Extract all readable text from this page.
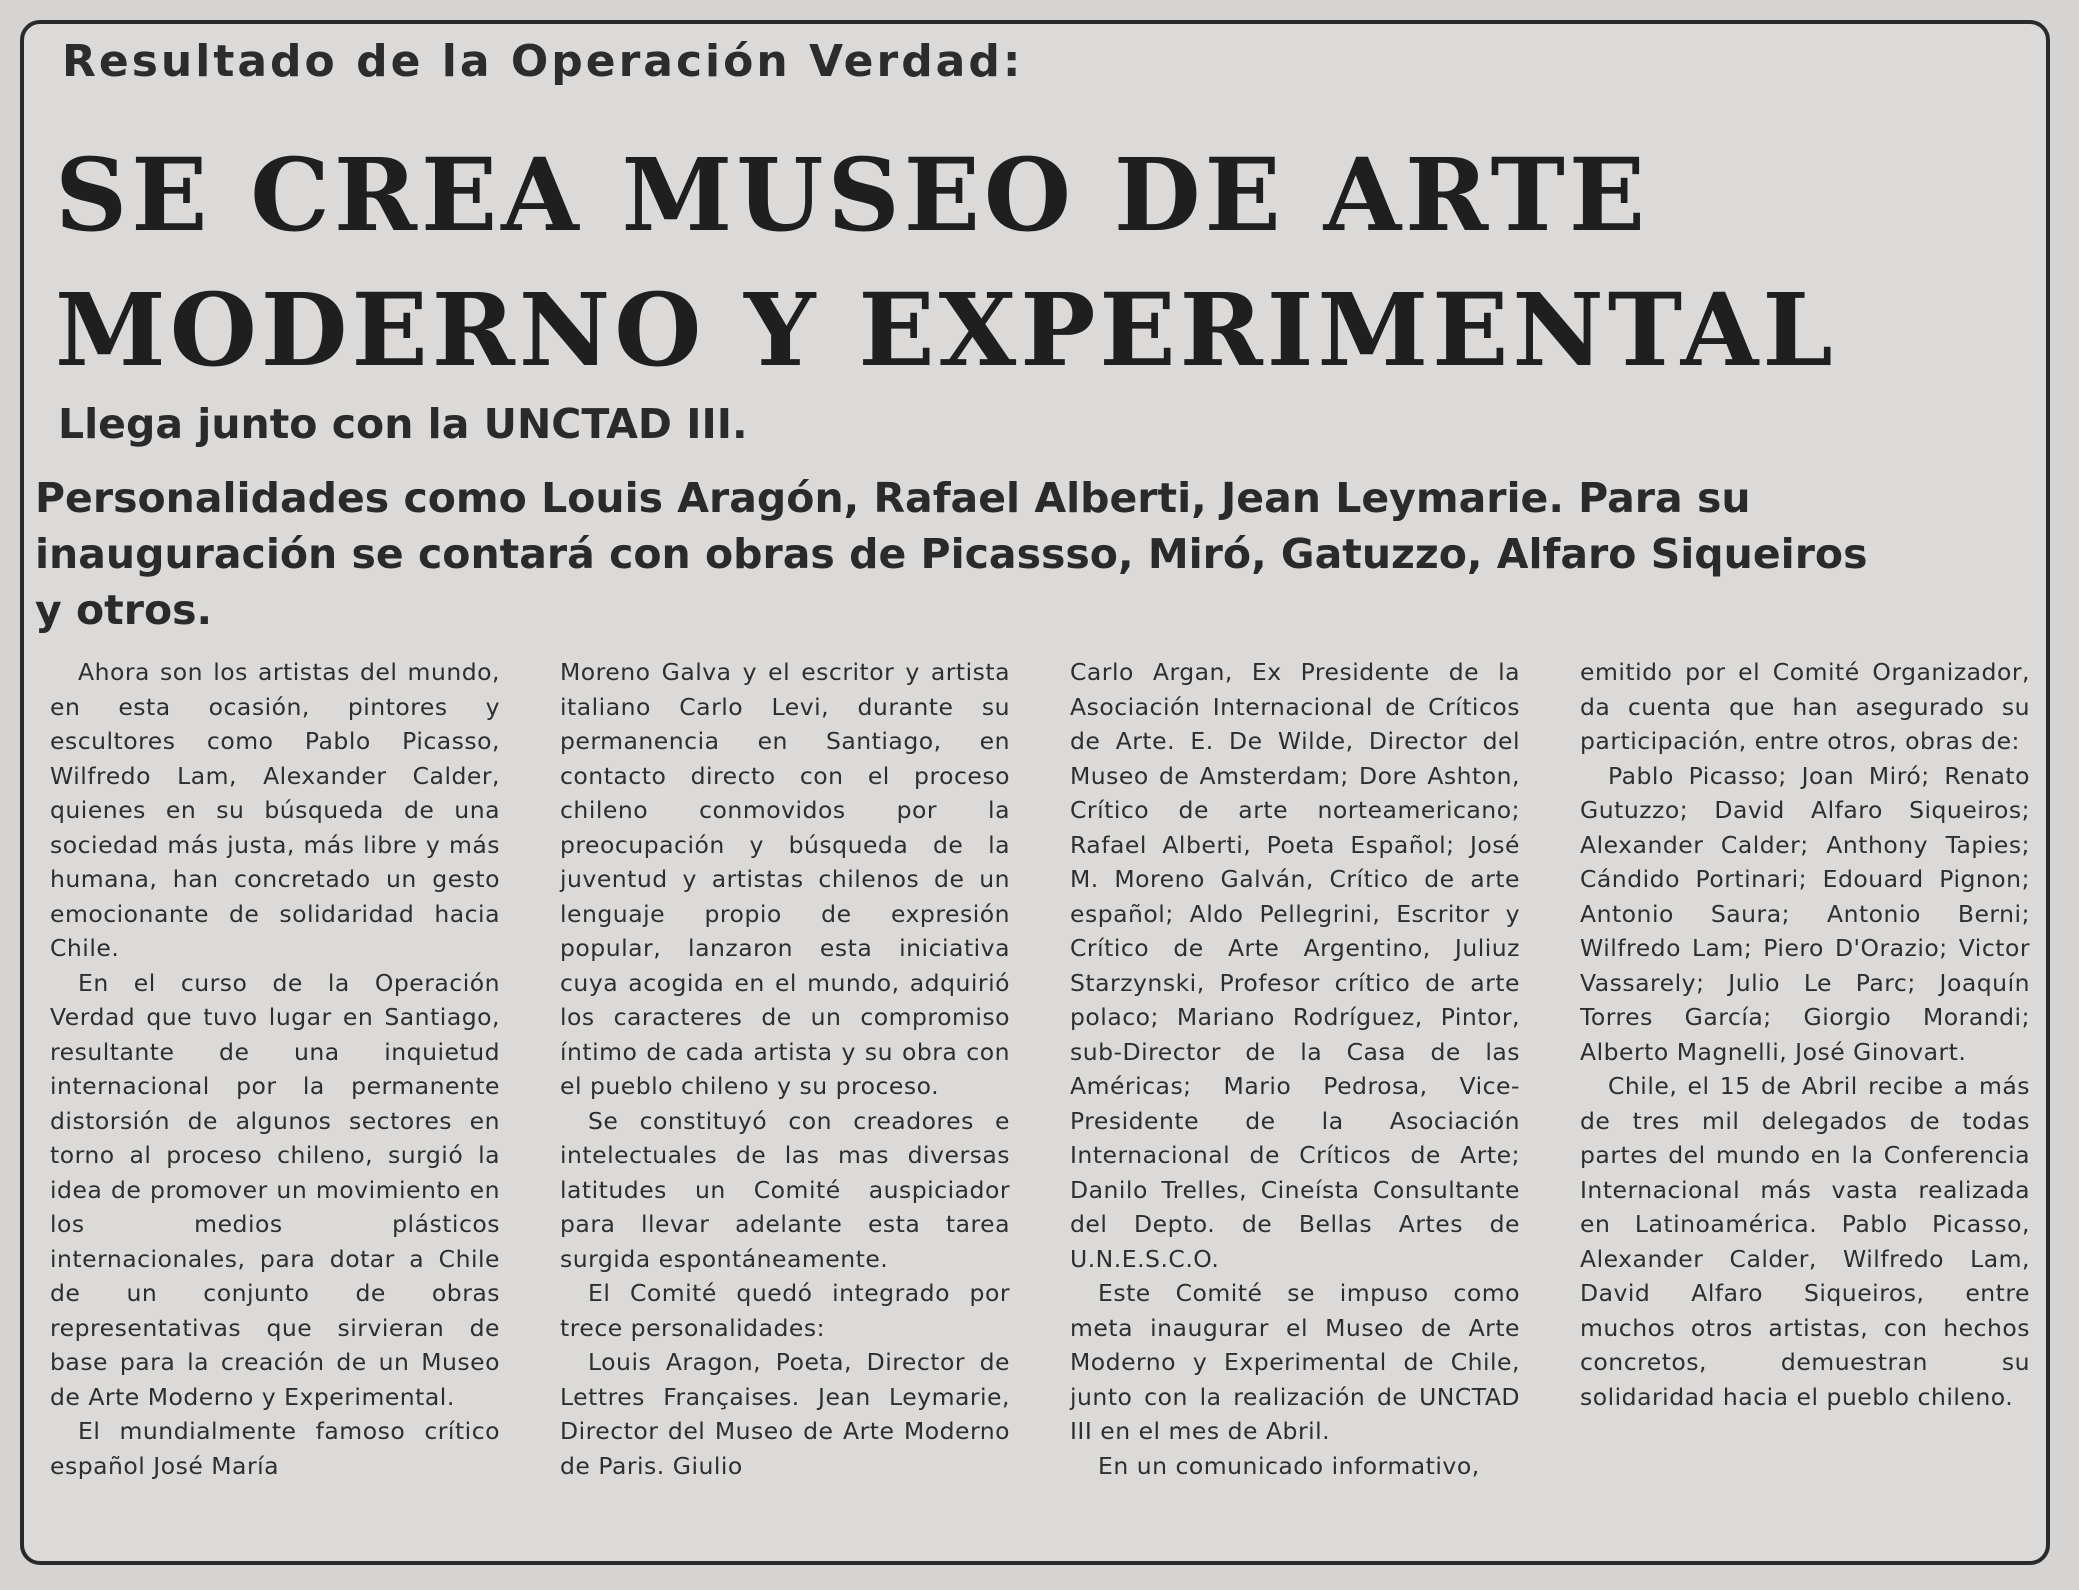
Resultado de la Operación Verdad:
SE CREA MUSEO DE ARTE
MODERNO Y EXPERIMENTAL
Llega junto con la UNCTAD III.
Personalidades como Louis Aragón, Rafael Alberti, Jean Leymarie. Para su
inauguración se contará con obras de Picassso, Miró, Gatuzzo, Alfaro Siqueiros
y otros.

Ahora son los artistas del mundo, en esta ocasión, pintores y escultores como Pablo Picasso, Wilfredo Lam, Alexander Calder, quienes en su búsqueda de una sociedad más justa, más libre y más humana, han concretado un gesto emocionante de solidaridad hacia Chile.

En el curso de la Operación Verdad que tuvo lugar en Santiago, resultante de una inquietud internacional por la permanente distorsión de algunos sectores en torno al proceso chileno, surgió la idea de promover un movimiento en los medios plásticos internacionales, para dotar a Chile de un conjunto de obras representativas que sirvieran de base para la creación de un Museo de Arte Moderno y Experimental.

El mundialmente famoso crítico español José María

Moreno Galva y el escritor y artista italiano Carlo Levi, durante su permanencia en Santiago, en contacto directo con el proceso chileno conmovidos por la preocupación y búsqueda de la juventud y artistas chilenos de un lenguaje propio de expresión popular, lanzaron esta iniciativa cuya acogida en el mundo, adquirió los caracteres de un compromiso íntimo de cada artista y su obra con el pueblo chileno y su proceso.

Se constituyó con creadores e intelectuales de las mas diversas latitudes un Comité auspiciador para llevar adelante esta tarea surgida espontáneamente.

El Comité quedó integrado por trece personalidades:

Louis Aragon, Poeta, Director de Lettres Françaises. Jean Leymarie, Director del Museo de Arte Moderno de Paris. Giulio

Carlo Argan, Ex Presidente de la Asociación Internacional de Críticos de Arte. E. De Wilde, Director del Museo de Amsterdam; Dore Ashton, Crítico de arte norteamericano; Rafael Alberti, Poeta Español; José M. Moreno Galván, Crítico de arte español; Aldo Pellegrini, Escritor y Crítico de Arte Argentino, Juliuz Starzynski, Profesor crítico de arte polaco; Mariano Rodríguez, Pintor, sub-Director de la Casa de las Américas; Mario Pedrosa, Vice-Presidente de la Asociación Internacional de Críticos de Arte; Danilo Trelles, Cineísta Consultante del Depto. de Bellas Artes de U.N.E.S.C.O.

Este Comité se impuso como meta inaugurar el Museo de Arte Moderno y Experimental de Chile, junto con la realización de UNCTAD III en el mes de Abril.

En un comunicado informativo,

emitido por el Comité Organizador, da cuenta que han asegurado su participación, entre otros, obras de:

Pablo Picasso; Joan Miró; Renato Gutuzzo; David Alfaro Siqueiros; Alexander Calder; Anthony Tapies; Cándido Portinari; Edouard Pignon; Antonio Saura; Antonio Berni; Wilfredo Lam; Piero D'Orazio; Victor Vassarely; Julio Le Parc; Joaquín Torres García; Giorgio Morandi; Alberto Magnelli, José Ginovart.

Chile, el 15 de Abril recibe a más de tres mil delegados de todas partes del mundo en la Conferencia Internacional más vasta realizada en Latinoamérica. Pablo Picasso, Alexander Calder, Wilfredo Lam, David Alfaro Siqueiros, entre muchos otros artistas, con hechos concretos, demuestran su solidaridad hacia el pueblo chileno.
